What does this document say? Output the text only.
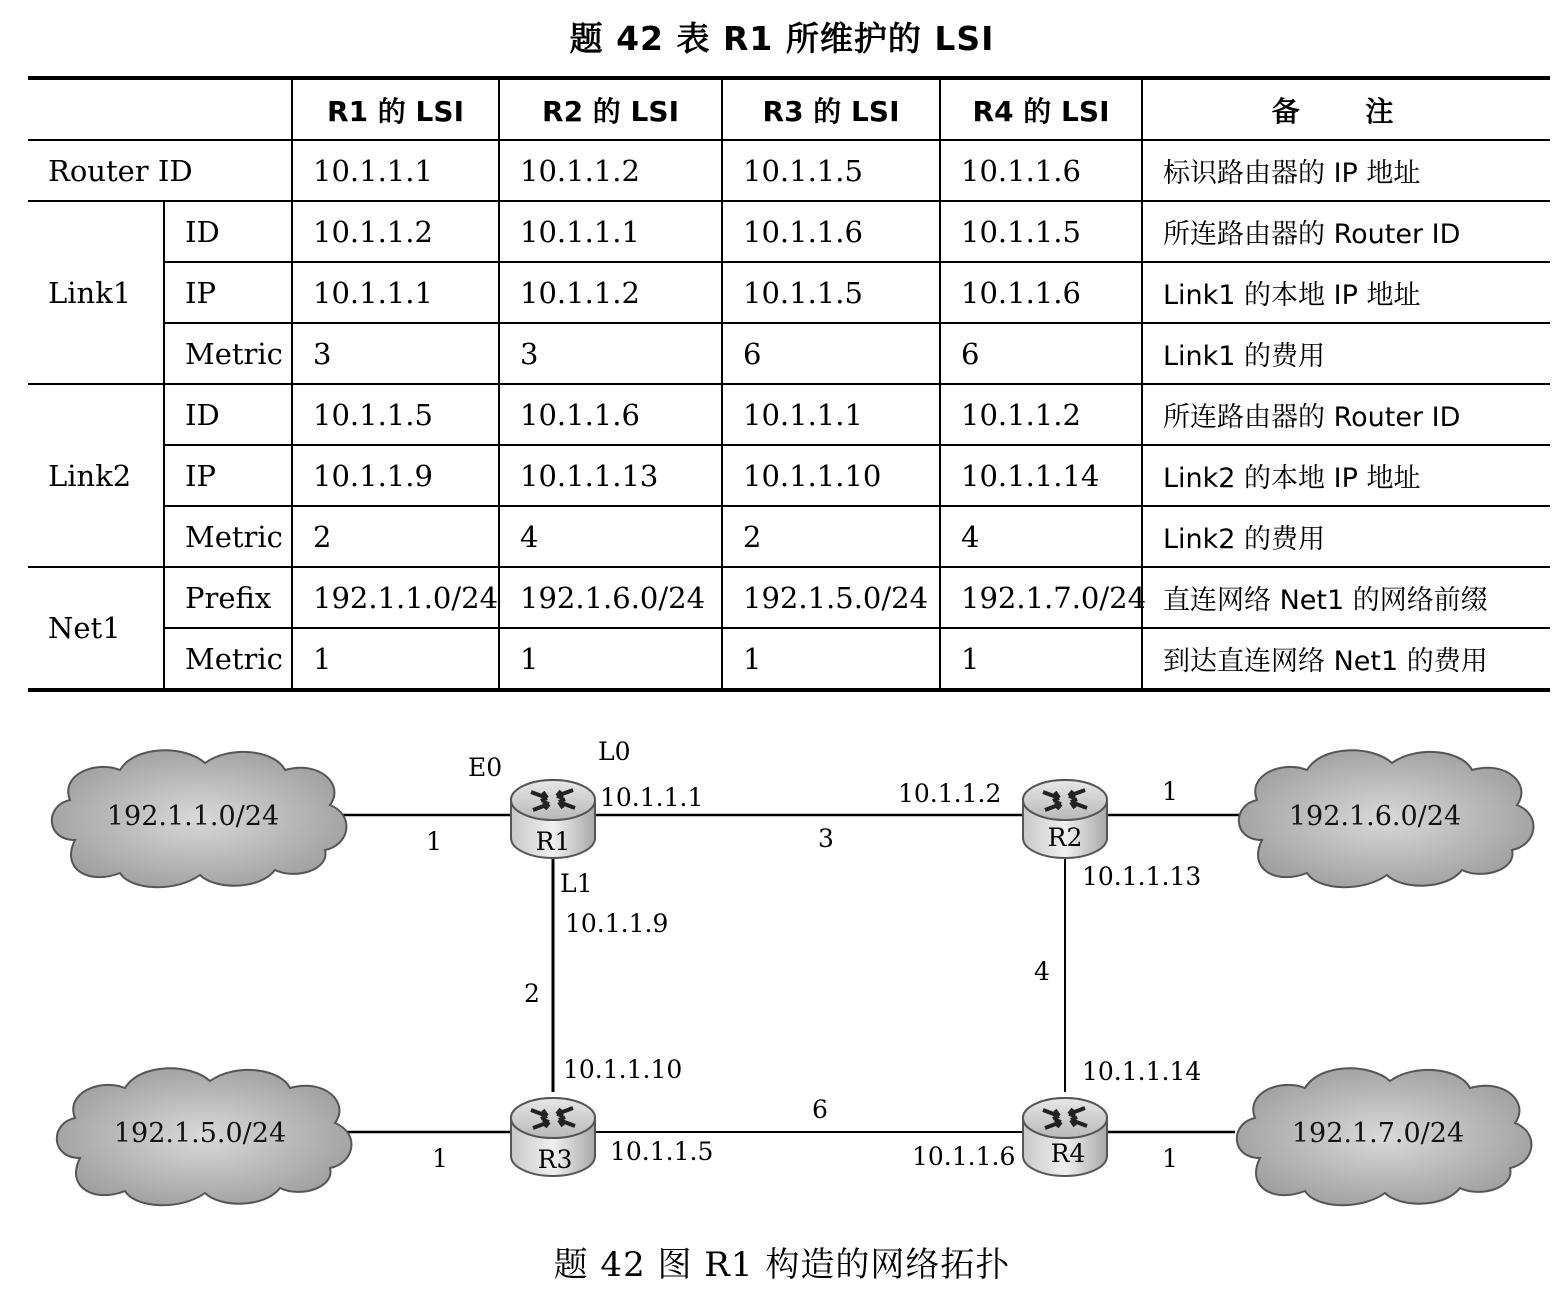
题 42 表 R1 所维护的 LSI
		R1 的 LSI	R2 的 LSI	R3 的 LSI	R4 的 LSI	备 注
Router ID		10.1.1.1	10.1.1.2	10.1.1.5	10.1.1.6	标识路由器的 IP 地址
Link1	ID	10.1.1.2	10.1.1.1	10.1.1.6	10.1.1.5	所连路由器的 Router ID
	IP	10.1.1.1	10.1.1.2	10.1.1.5	10.1.1.6	Link1 的本地 IP 地址
	Metric	3	3	6	6	Link1 的费用
Link2	ID	10.1.1.5	10.1.1.6	10.1.1.1	10.1.1.2	所连路由器的 Router ID
	IP	10.1.1.9	10.1.1.13	10.1.1.10	10.1.1.14	Link2 的本地 IP 地址
	Metric	2	4	2	4	Link2 的费用
Net1	Prefix	192.1.1.0/24	192.1.6.0/24	192.1.5.0/24	192.1.7.0/24	直连网络 Net1 的网络前缀
	Metric	1	1	1	1	到达直连网络 Net1 的费用
192.1.1.0/24	192.1.6.0/24
192.1.5.0/24	192.1.7.0/24
R1	R2
R3	R4
E0
L0
L1
10.1.1.1	10.1.1.2
10.1.1.13
10.1.1.9
10.1.1.10
10.1.1.5	10.1.1.6
10.1.1.14
1	3
1
2
4
6
1	1
题 42 图 R1 构造的网络拓扑
